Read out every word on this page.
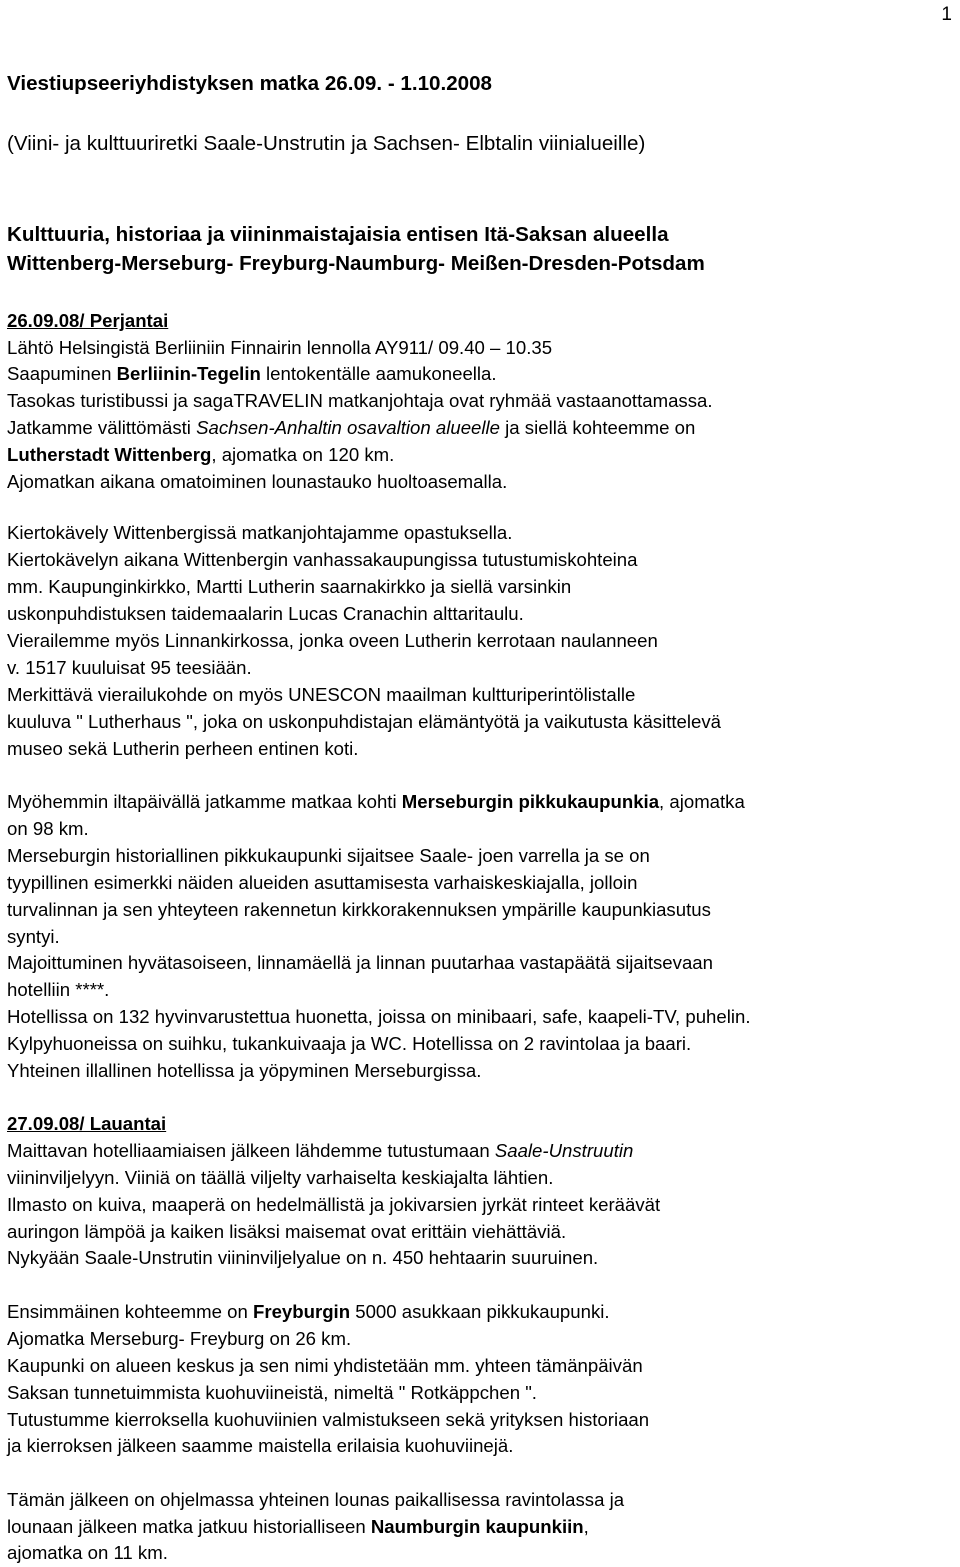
1
Viestiupseeriyhdistyksen matka 26.09. - 1.10.2008
(Viini- ja kulttuuriretki Saale-Unstrutin ja Sachsen- Elbtalin viinialueille)
Kulttuuria, historiaa ja viininmaistajaisia entisen Itä-Saksan alueella
Wittenberg-Merseburg- Freyburg-Naumburg- Meißen-Dresden-Potsdam
26.09.08/ Perjantai
Lähtö Helsingistä Berliiniin Finnairin lennolla AY911/ 09.40 – 10.35
Saapuminen Berliinin-Tegelin lentokentälle aamukoneella.
Tasokas turistibussi ja sagaTRAVELIN matkanjohtaja ovat ryhmää vastaanottamassa.
Jatkamme välittömästi Sachsen-Anhaltin osavaltion alueelle ja siellä kohteemme on
Lutherstadt Wittenberg, ajomatka on 120 km.
Ajomatkan aikana omatoiminen lounastauko huoltoasemalla.
Kiertokävely Wittenbergissä matkanjohtajamme opastuksella.
Kiertokävelyn aikana Wittenbergin vanhassakaupungissa tutustumiskohteina
mm. Kaupunginkirkko, Martti Lutherin saarnakirkko ja siellä varsinkin
uskonpuhdistuksen taidemaalarin Lucas Cranachin alttaritaulu.
Vierailemme myös Linnankirkossa, jonka oveen Lutherin kerrotaan naulanneen
v. 1517 kuuluisat 95 teesiään.
Merkittävä vierailukohde on myös UNESCON maailman kultturiperintölistalle
kuuluva " Lutherhaus ", joka on uskonpuhdistajan elämäntyötä ja vaikutusta käsittelevä
museo sekä Lutherin perheen entinen koti.
Myöhemmin iltapäivällä jatkamme matkaa kohti Merseburgin pikkukaupunkia, ajomatka
on 98 km.
Merseburgin historiallinen pikkukaupunki sijaitsee Saale- joen varrella ja se on
tyypillinen esimerkki näiden alueiden asuttamisesta varhaiskeskiajalla, jolloin
turvalinnan ja sen yhteyteen rakennetun kirkkorakennuksen ympärille kaupunkiasutus
syntyi.
Majoittuminen hyvätasoiseen, linnamäellä ja linnan puutarhaa vastapäätä sijaitsevaan
hotelliin ****.
Hotellissa on 132 hyvinvarustettua huonetta, joissa on minibaari, safe, kaapeli-TV, puhelin.
Kylpyhuoneissa on suihku, tukankuivaaja ja WC. Hotellissa on 2 ravintolaa ja baari.
Yhteinen illallinen hotellissa ja yöpyminen Merseburgissa.
27.09.08/ Lauantai
Maittavan hotelliaamiaisen jälkeen lähdemme tutustumaan Saale-Unstruutin
viininviljelyyn. Viiniä on täällä viljelty varhaiselta keskiajalta lähtien.
Ilmasto on kuiva, maaperä on hedelmällistä ja jokivarsien jyrkät rinteet keräävät
auringon lämpöä ja kaiken lisäksi maisemat ovat erittäin viehättäviä.
Nykyään Saale-Unstrutin viininviljelyalue on n. 450 hehtaarin suuruinen.
Ensimmäinen kohteemme on Freyburgin 5000 asukkaan pikkukaupunki.
Ajomatka Merseburg- Freyburg on 26 km.
Kaupunki on alueen keskus ja sen nimi yhdistetään mm. yhteen tämänpäivän
Saksan tunnetuimmista kuohuviineistä, nimeltä " Rotkäppchen ".
Tutustumme kierroksella kuohuviinien valmistukseen sekä yrityksen historiaan
ja kierroksen jälkeen saamme maistella erilaisia kuohuviinejä.
Tämän jälkeen on ohjelmassa yhteinen lounas paikallisessa ravintolassa ja
lounaan jälkeen matka jatkuu historialliseen Naumburgin kaupunkiin,
ajomatka on 11 km.
